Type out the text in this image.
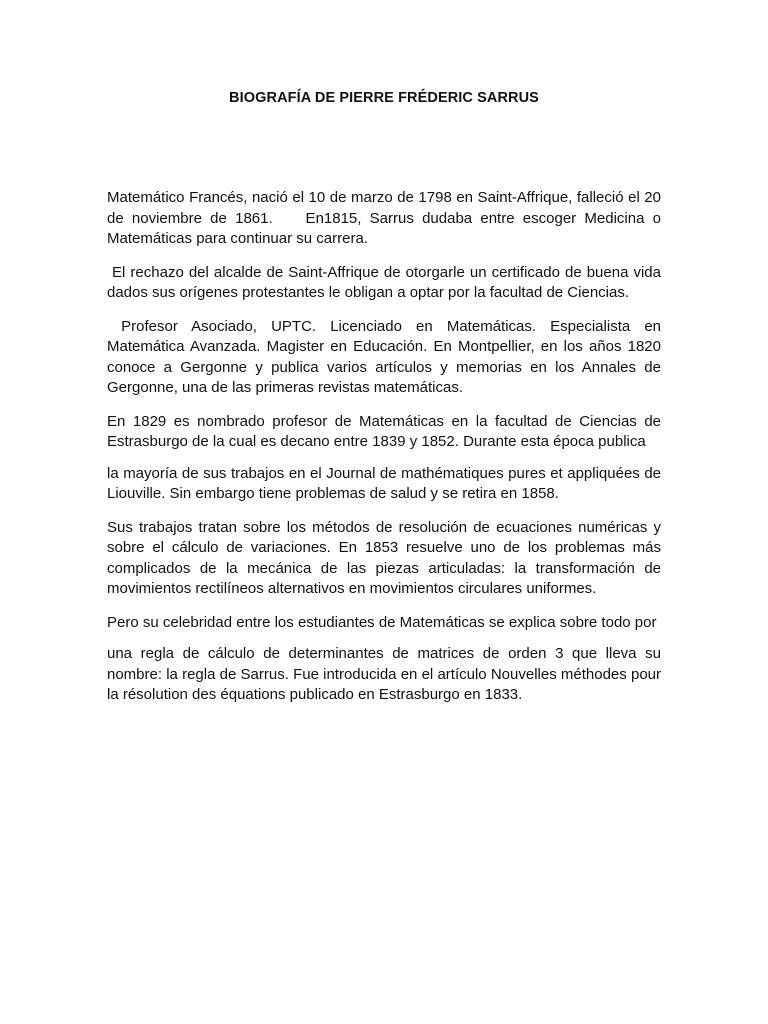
BIOGRAFÍA DE PIERRE FRÉDERIC SARRUS

Matemático Francés, nació el 10 de marzo de 1798 en Saint-Affrique, falleció el 20 de noviembre de 1861.    En1815, Sarrus dudaba entre escoger Medicina o Matemáticas para continuar su carrera.

El rechazo del alcalde de Saint-Affrique de otorgarle un certificado de buena vida dados sus orígenes protestantes le obligan a optar por la facultad de Ciencias.

Profesor Asociado, UPTC. Licenciado en Matemáticas. Especialista en Matemática Avanzada. Magister en Educación. En Montpellier, en los años 1820 conoce a Gergonne y publica varios artículos y memorias en los Annales de Gergonne, una de las primeras revistas matemáticas.

En 1829 es nombrado profesor de Matemáticas en la facultad de Ciencias de Estrasburgo de la cual es decano entre 1839 y 1852. Durante esta época publica

la mayoría de sus trabajos en el Journal de mathématiques pures et appliquées de Liouville. Sin embargo tiene problemas de salud y se retira en 1858.

Sus trabajos tratan sobre los métodos de resolución de ecuaciones numéricas y sobre el cálculo de variaciones. En 1853 resuelve uno de los problemas más complicados de la mecánica de las piezas articuladas: la transformación de movimientos rectilíneos alternativos en movimientos circulares uniformes.

Pero su celebridad entre los estudiantes de Matemáticas se explica sobre todo por

una regla de cálculo de determinantes de matrices de orden 3 que lleva su nombre: la regla de Sarrus. Fue introducida en el artículo Nouvelles méthodes pour la résolution des équations publicado en Estrasburgo en 1833.
